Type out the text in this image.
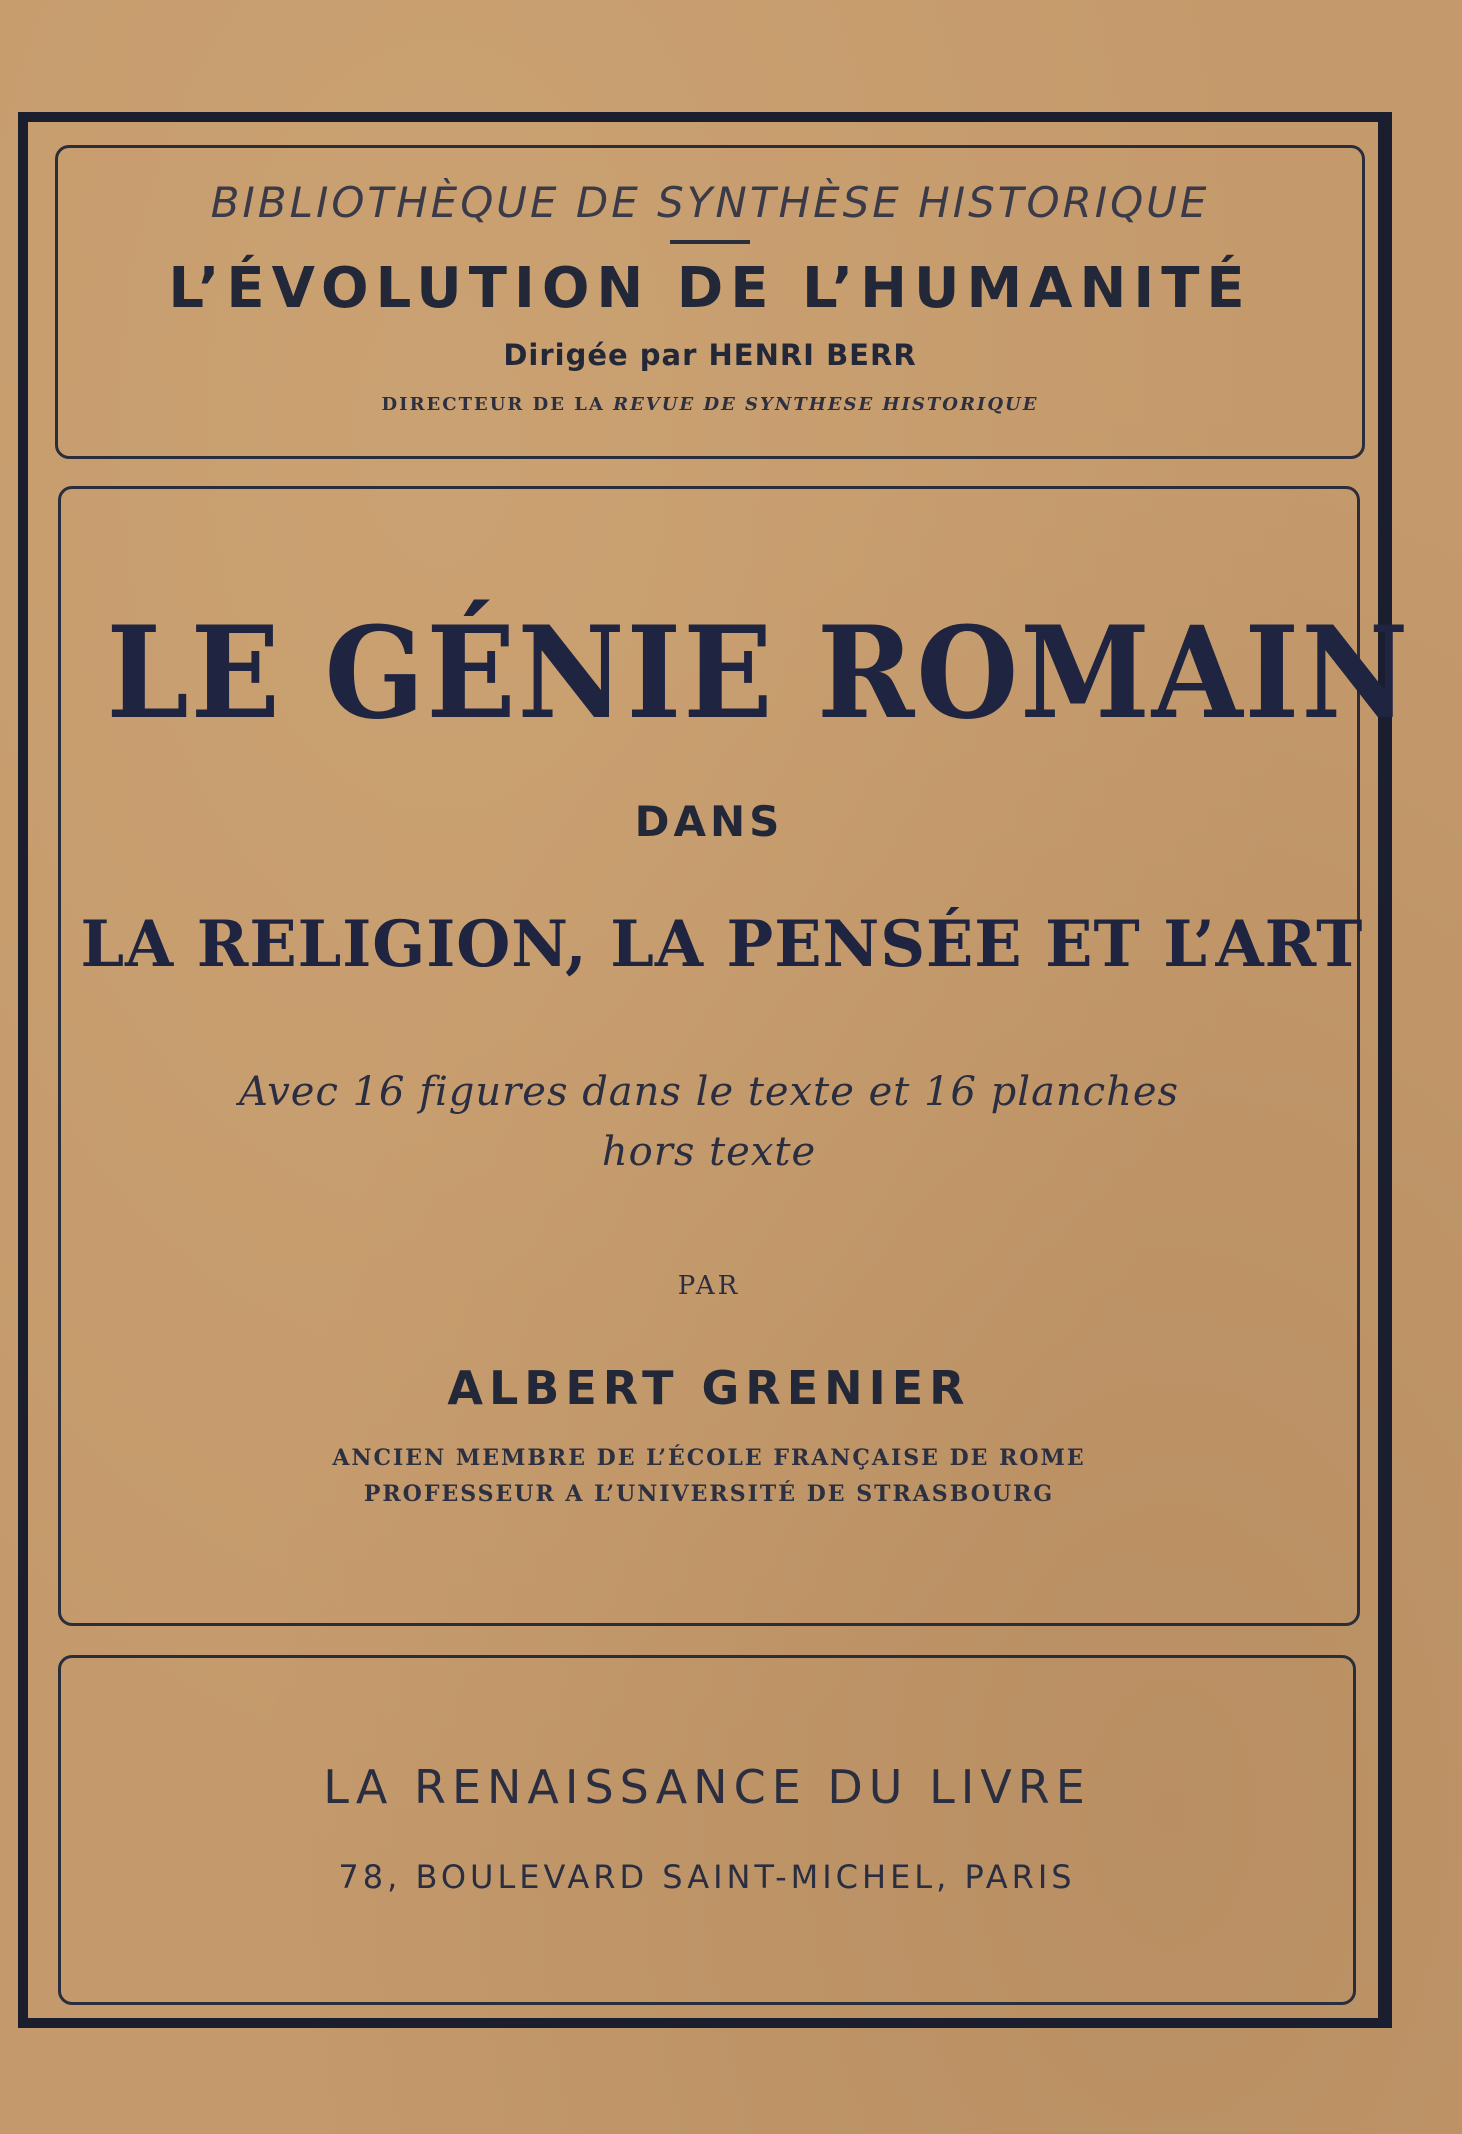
BIBLIOTHÈQUE DE SYNTHÈSE HISTORIQUE
L’ÉVOLUTION DE L’HUMANITÉ
Dirigée par HENRI BERR
DIRECTEUR DE LA REVUE DE SYNTHESE HISTORIQUE
LE GÉNIE ROMAIN
DANS
LA RELIGION, LA PENSÉE ET L’ART
Avec 16 figures dans le texte et 16 planches
hors texte
PAR
ALBERT GRENIER
ANCIEN MEMBRE DE L’ÉCOLE FRANÇAISE DE ROME
PROFESSEUR A L’UNIVERSITÉ DE STRASBOURG
LA RENAISSANCE DU LIVRE
78, BOULEVARD SAINT-MICHEL, PARIS
